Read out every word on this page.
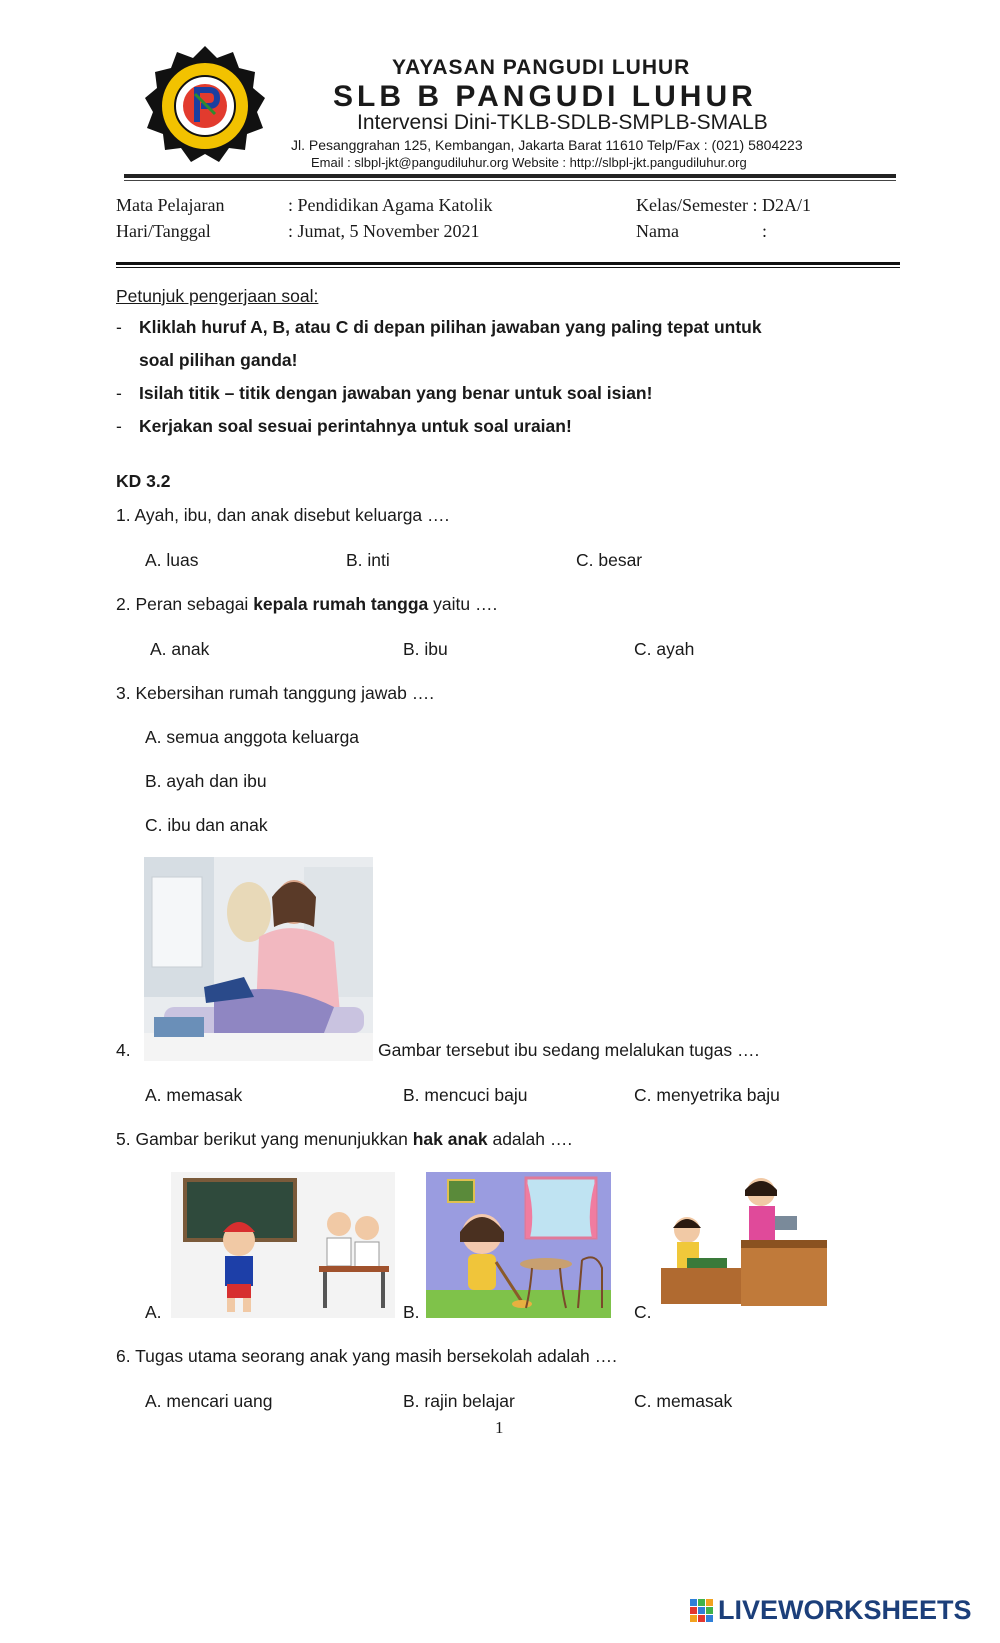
YAYASAN PANGUDI LUHUR
SLB B PANGUDI LUHUR
Intervensi Dini-TKLB-SDLB-SMPLB-SMALB
Jl. Pesanggrahan 125, Kembangan, Jakarta Barat 11610 Telp/Fax : (021) 5804223
Email : slbpl-jkt@pangudiluhur.org Website : http://slbpl-jkt.pangudiluhur.org
Mata Pelajaran	: Pendidikan Agama Katolik	Kelas/Semester : D2A/1
Hari/Tanggal	: Jumat, 5 November 2021	Nama	:
Petunjuk pengerjaan soal:
- Kliklah huruf A, B, atau C di depan pilihan jawaban yang paling tepat untuk
soal pilihan ganda!
- Isilah titik – titik dengan jawaban yang benar untuk soal isian!
- Kerjakan soal sesuai perintahnya untuk soal uraian!
KD 3.2
1. Ayah, ibu, dan anak disebut keluarga ….
A. luas	B. inti	C. besar
2. Peran sebagai kepala rumah tangga yaitu ….
A. anak	B. ibu	C. ayah
3. Kebersihan rumah tanggung jawab ….
A. semua anggota keluarga
B. ayah dan ibu
C. ibu dan anak
4.	Gambar tersebut ibu sedang melalukan tugas ….
A. memasak	B. mencuci baju	C. menyetrika baju
5. Gambar berikut yang menunjukkan hak anak adalah ….
A.	B.	C.
6. Tugas utama seorang anak yang masih bersekolah adalah ….
A. mencari uang	B. rajin belajar	C. memasak
1
LIVEWORKSHEETS
